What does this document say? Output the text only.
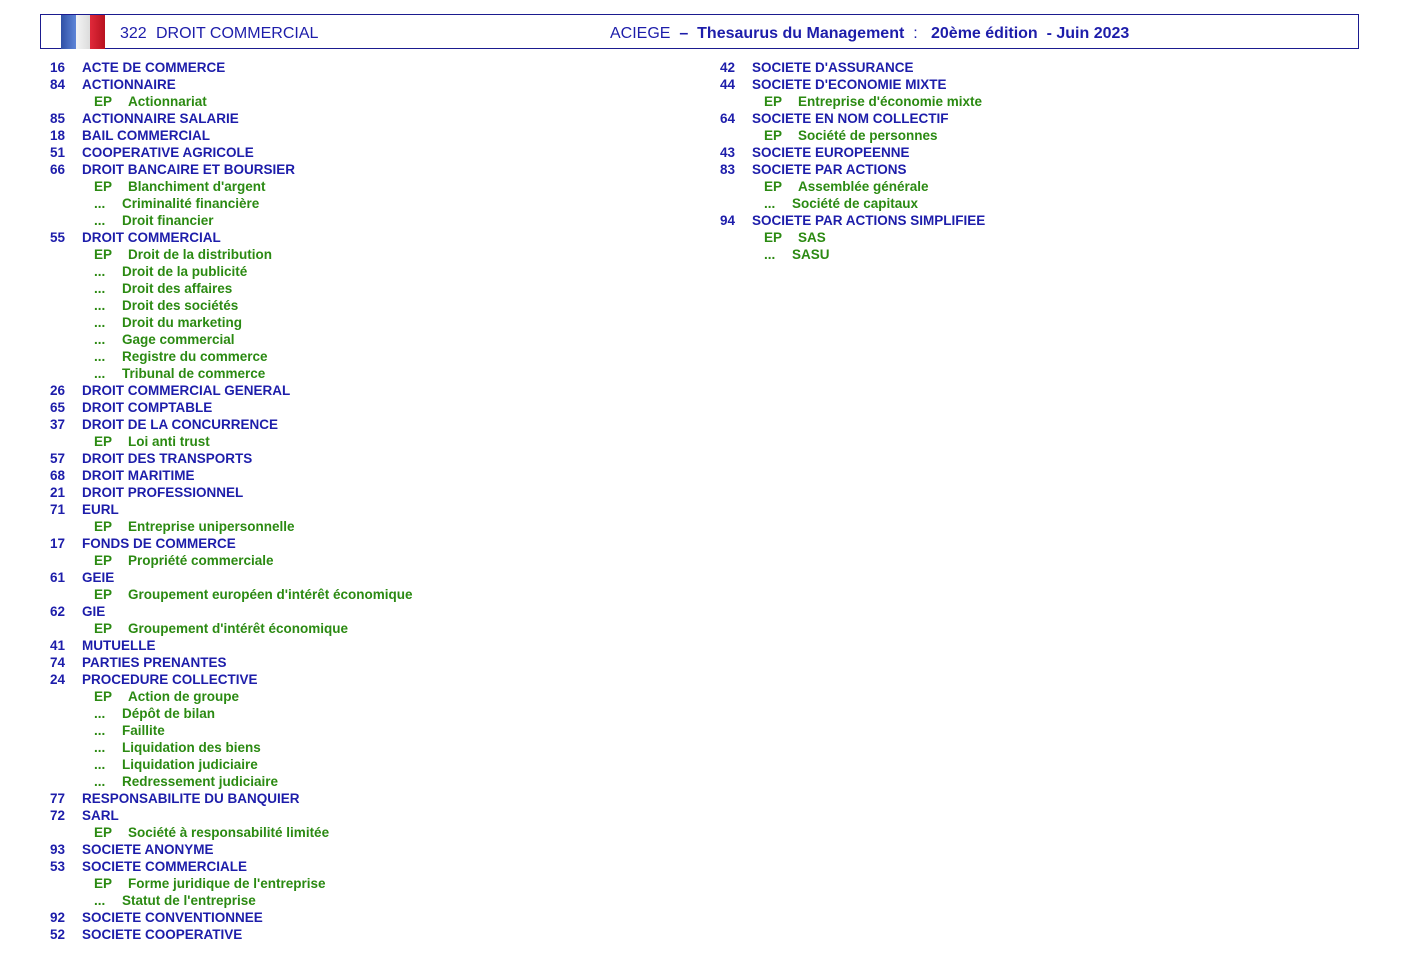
322 DROIT COMMERCIAL	ACIEGE – Thesaurus du Management : 20ème édition - Juin 2023
16 ACTE DE COMMERCE
84 ACTIONNAIRE
EP Actionnariat
85 ACTIONNAIRE SALARIE
18 BAIL COMMERCIAL
51 COOPERATIVE AGRICOLE
66 DROIT BANCAIRE ET BOURSIER
EP Blanchiment d'argent
... Criminalité financière
... Droit financier
55 DROIT COMMERCIAL
EP Droit de la distribution
... Droit de la publicité
... Droit des affaires
... Droit des sociétés
... Droit du marketing
... Gage commercial
... Registre du commerce
... Tribunal de commerce
26 DROIT COMMERCIAL GENERAL
65 DROIT COMPTABLE
37 DROIT DE LA CONCURRENCE
EP Loi anti trust
57 DROIT DES TRANSPORTS
68 DROIT MARITIME
21 DROIT PROFESSIONNEL
71 EURL
EP Entreprise unipersonnelle
17 FONDS DE COMMERCE
EP Propriété commerciale
61 GEIE
EP Groupement européen d'intérêt économique
62 GIE
EP Groupement d'intérêt économique
41 MUTUELLE
74 PARTIES PRENANTES
24 PROCEDURE COLLECTIVE
EP Action de groupe
... Dépôt de bilan
... Faillite
... Liquidation des biens
... Liquidation judiciaire
... Redressement judiciaire
77 RESPONSABILITE DU BANQUIER
72 SARL
EP Société à responsabilité limitée
93 SOCIETE ANONYME
53 SOCIETE COMMERCIALE
EP Forme juridique de l'entreprise
... Statut de l'entreprise
92 SOCIETE CONVENTIONNEE
52 SOCIETE COOPERATIVE
42 SOCIETE D'ASSURANCE
44 SOCIETE D'ECONOMIE MIXTE
EP Entreprise d'économie mixte
64 SOCIETE EN NOM COLLECTIF
EP Société de personnes
43 SOCIETE EUROPEENNE
83 SOCIETE PAR ACTIONS
EP Assemblée générale
... Société de capitaux
94 SOCIETE PAR ACTIONS SIMPLIFIEE
EP SAS
... SASU
